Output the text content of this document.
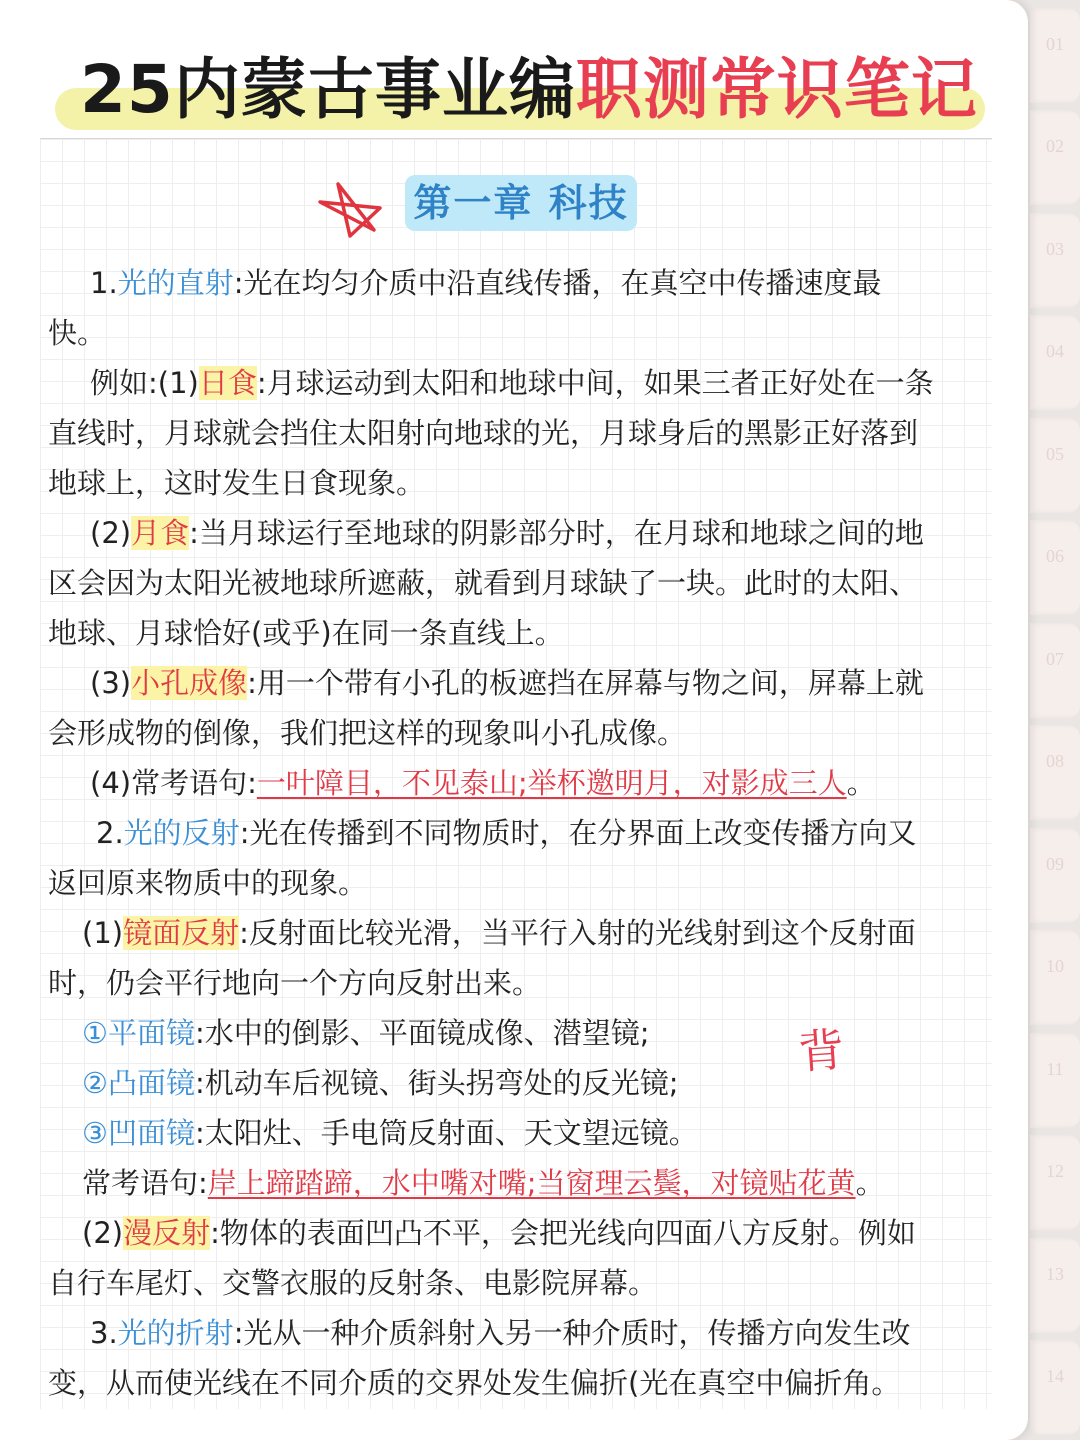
25内蒙古事业编职测常识笔记
第一章 科技

1.光的直射:光在均匀介质中沿直线传播，在真空中传播速度最

快。

例如:(1)日食:月球运动到太阳和地球中间，如果三者正好处在一条

直线时，月球就会挡住太阳射向地球的光，月球身后的黑影正好落到

地球上，这时发生日食现象。

(2)月食:当月球运行至地球的阴影部分时，在月球和地球之间的地

区会因为太阳光被地球所遮蔽，就看到月球缺了一块。此时的太阳、

地球、月球恰好(或乎)在同一条直线上。

(3)小孔成像:用一个带有小孔的板遮挡在屏幕与物之间，屏幕上就

会形成物的倒像，我们把这样的现象叫小孔成像。

(4)常考语句:一叶障目，不见泰山;举杯邀明月，对影成三人。

2.光的反射:光在传播到不同物质时，在分界面上改变传播方向又

返回原来物质中的现象。

(1)镜面反射:反射面比较光滑，当平行入射的光线射到这个反射面

时，仍会平行地向一个方向反射出来。

①平面镜:水中的倒影、平面镜成像、潜望镜;

②凸面镜:机动车后视镜、街头拐弯处的反光镜;

③凹面镜:太阳灶、手电筒反射面、天文望远镜。

常考语句:岸上蹄踏蹄，水中嘴对嘴;当窗理云鬓，对镜贴花黄。

(2)漫反射:物体的表面凹凸不平，会把光线向四面八方反射。例如

自行车尾灯、交警衣服的反射条、电影院屏幕。

3.光的折射:光从一种介质斜射入另一种介质时，传播方向发生改

变，从而使光线在不同介质的交界处发生偏折(光在真空中偏折角。

背
01
02
03
04
05
06
07
08
09
10
11
12
13
14
